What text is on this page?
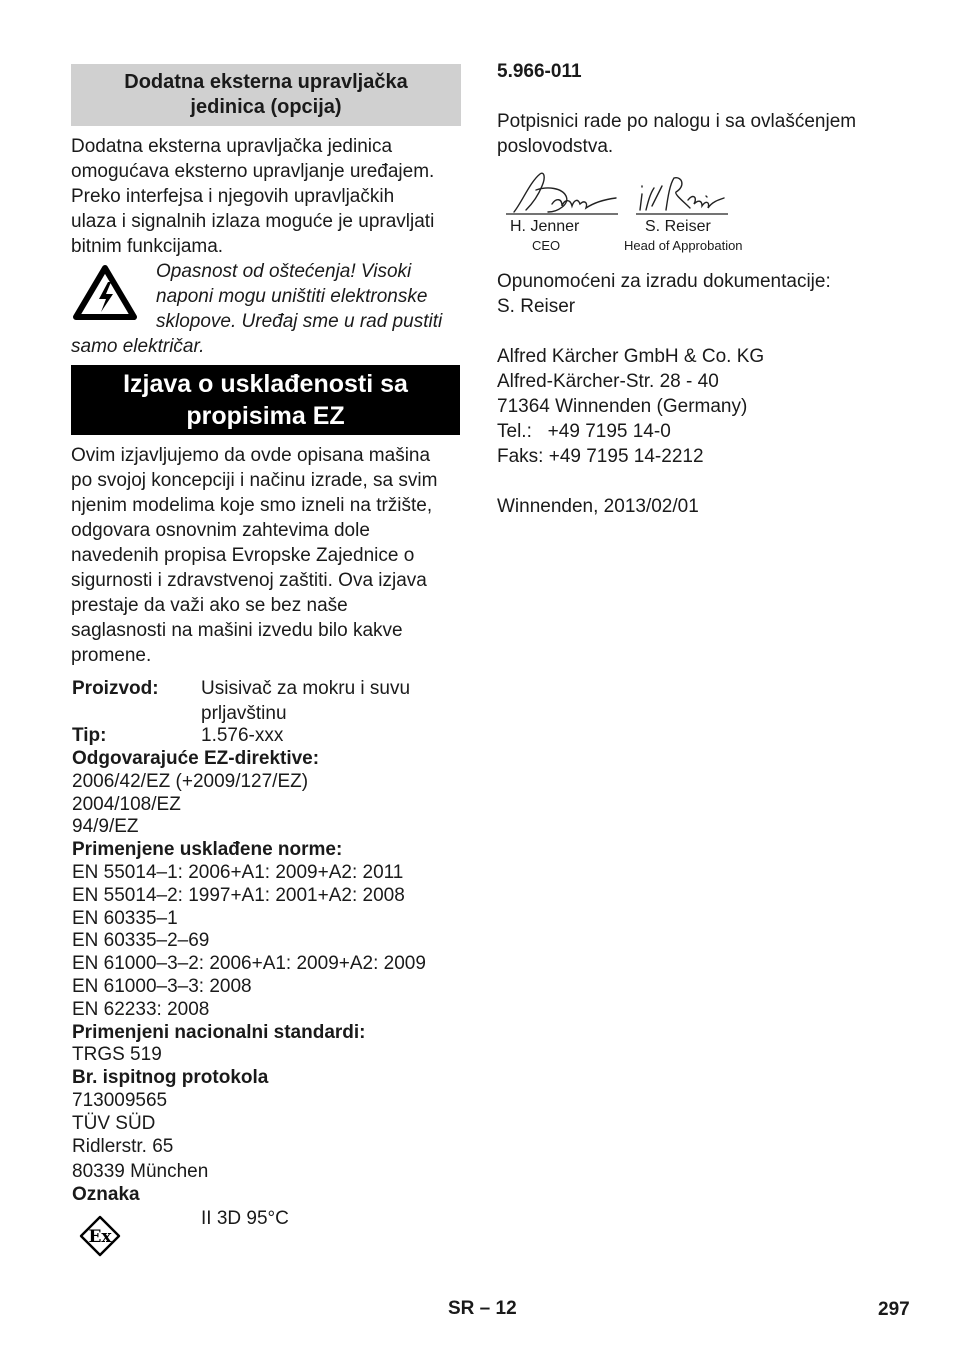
Dodatna eksterna upravljačka
jedinica (opcija)
Dodatna eksterna upravljačka jedinica
omogućava eksterno upravljanje uređajem.
Preko interfejsa i njegovih upravljačkih
ulaza i signalnih izlaza moguće je upravljati
bitnim funkcijama.
Opasnost od oštećenja! Visoki
naponi mogu uništiti elektronske
sklopove. Uređaj sme u rad pustiti
samo električar.
Izjava o usklađenosti sa
propisima EZ
Ovim izjavljujemo da ovde opisana mašina
po svojoj koncepciji i načinu izrade, sa svim
njenim modelima koje smo izneli na tržište,
odgovara osnovnim zahtevima dole
navedenih propisa Evropske Zajednice o
sigurnosti i zdravstvenoj zaštiti. Ova izjava
prestaje da važi ako se bez naše
saglasnosti na mašini izvedu bilo kakve
promene.
Proizvod: Usisivač za mokru i suvu
prljavštinu
Tip:	1.576-xxx
Odgovarajuće EZ-direktive:
2006/42/EZ (+2009/127/EZ)
2004/108/EZ
94/9/EZ
Primenjene usklađene norme:
EN 55014–1: 2006+A1: 2009+A2: 2011
EN 55014–2: 1997+A1: 2001+A2: 2008
EN 60335–1
EN 60335–2–69
EN 61000–3–2: 2006+A1: 2009+A2: 2009
EN 61000–3–3: 2008
EN 62233: 2008
Primenjeni nacionalni standardi:
TRGS 519
Br. ispitnog protokola
713009565
TÜV SÜD
Ridlerstr. 65
80339 München
Oznaka
Ex
II 3D 95°C
5.966-011
Potpisnici rade po nalogu i sa ovlašćenjem
poslovodstva.
H. Jenner	S. Reiser
CEO	Head of Approbation
Opunomoćeni za izradu dokumentacije:
S. Reiser
Alfred Kärcher GmbH & Co. KG
Alfred-Kärcher-Str. 28 - 40
71364 Winnenden (Germany)
Tel.:   +49 7195 14-0
Faks: +49 7195 14-2212
Winnenden, 2013/02/01
SR – 12	297
